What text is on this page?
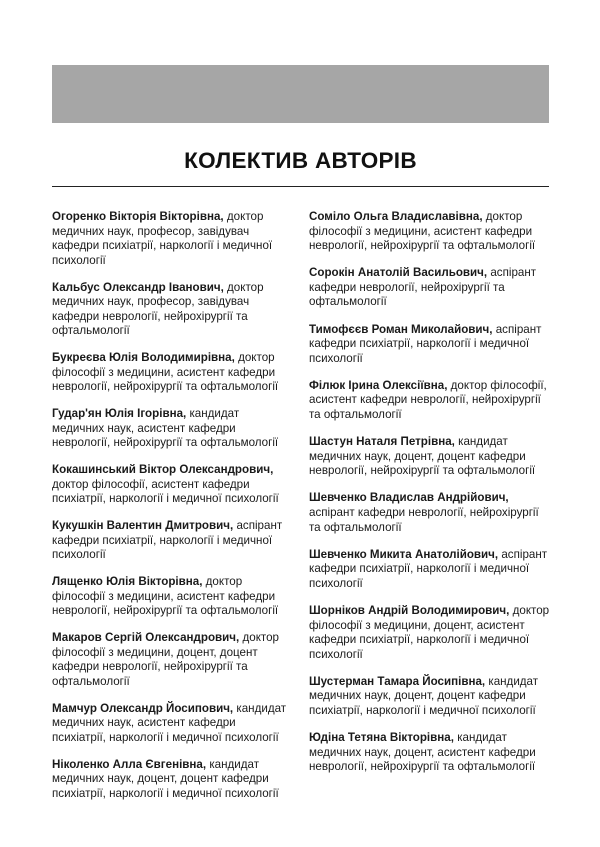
КОЛЕКТИВ АВТОРІВ

Огоренко Вікторія Вікторівна, доктор медичних наук, професор, завідувач кафедри психіатрії, наркології і медичної психології

Кальбус Олександр Іванович, доктор медичних наук, професор, завідувач кафедри неврології, нейрохірургії та офтальмології

Букреєва Юлія Володимирівна, доктор філософії з медицини, асистент кафедри неврології, нейрохірургії та офтальмології

Гудар'ян Юлія Ігорівна, кандидат медичних наук, асистент кафедри неврології, нейрохірургії та офтальмології

Кокашинський Віктор Олександрович, доктор філософії, асистент кафедри психіатрії, наркології і медичної психології

Кукушкін Валентин Дмитрович, аспірант кафедри психіатрії, наркології і медичної психології

Лященко Юлія Вікторівна, доктор філософії з медицини, асистент кафедри неврології, нейрохірургії та офтальмології

Макаров Сергій Олександрович, доктор філософії з медицини, доцент, доцент кафедри неврології, нейрохірургії та офтальмології

Мамчур Олександр Йосипович, кандидат медичних наук, асистент кафедри психіатрії, наркології і медичної психології

Ніколенко Алла Євгенівна, кандидат медичних наук, доцент, доцент кафедри психіатрії, наркології і медичної психології

Соміло Ольга Владиславівна, доктор філософії з медицини, асистент кафедри неврології, нейрохірургії та офтальмології

Сорокін Анатолій Васильович, аспірант кафедри неврології, нейрохірургії та офтальмології

Тимофєєв Роман Миколайович, аспірант кафедри психіатрії, наркології і медичної психології

Філюк Ірина Олексіївна, доктор філософії, асистент кафедри неврології, нейрохірургії та офтальмології

Шастун Наталя Петрівна, кандидат медичних наук, доцент, доцент кафедри неврології, нейрохірургії та офтальмології

Шевченко Владислав Андрійович, аспірант кафедри неврології, нейрохірургії та офтальмології

Шевченко Микита Анатолійович, аспірант кафедри психіатрії, наркології і медичної психології

Шорніков Андрій Володимирович, доктор філософії з медицини, доцент, асистент кафедри психіатрії, наркології і медичної психології

Шустерман Тамара Йосипівна, кандидат медичних наук, доцент, доцент кафедри психіатрії, наркології і медичної психології

Юдіна Тетяна Вікторівна, кандидат медичних наук, доцент, асистент кафедри неврології, нейрохірургії та офтальмології
